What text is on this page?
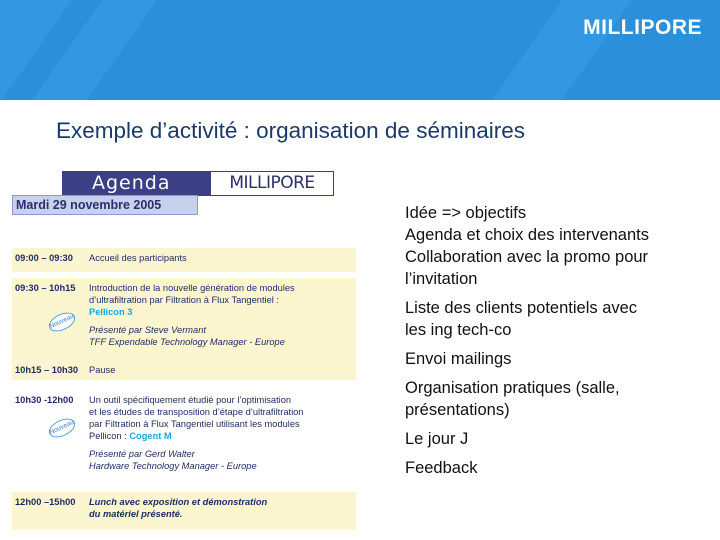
MILLIPORE
Exemple d’activité : organisation de séminaires
Agenda	MILLIPORE
Mardi 29 novembre 2005
09:00 – 09:30 Accueil des participants
09:30 – 10h15 Introduction de la nouvelle génération de modules
d’ultrafiltration par Filtration à Flux Tangentiel :
Pellicon 3
Présenté par Steve Vermant
TFF Expendable Technology Manager - Europe
Nouveau
10h15 – 10h30 Pause
10h30 -12h00 Un outil spécifiquement étudié pour l’optimisation
et les études de transposition d’étape d’ultrafiltration
par Filtration à Flux Tangentiel utilisant les modules
Pellicon : Cogent M
Présenté par Gerd Walter
Hardware Technology Manager - Europe
Nouveau
12h00 –15h00 Lunch avec exposition et démonstration
du matériel présenté.
Idée => objectifs
Agenda et choix des intervenants
Collaboration avec la promo pour
l’invitation
Liste des clients potentiels avec
les ing tech-co
Envoi mailings
Organisation pratiques (salle,
présentations)
Le jour J
Feedback
